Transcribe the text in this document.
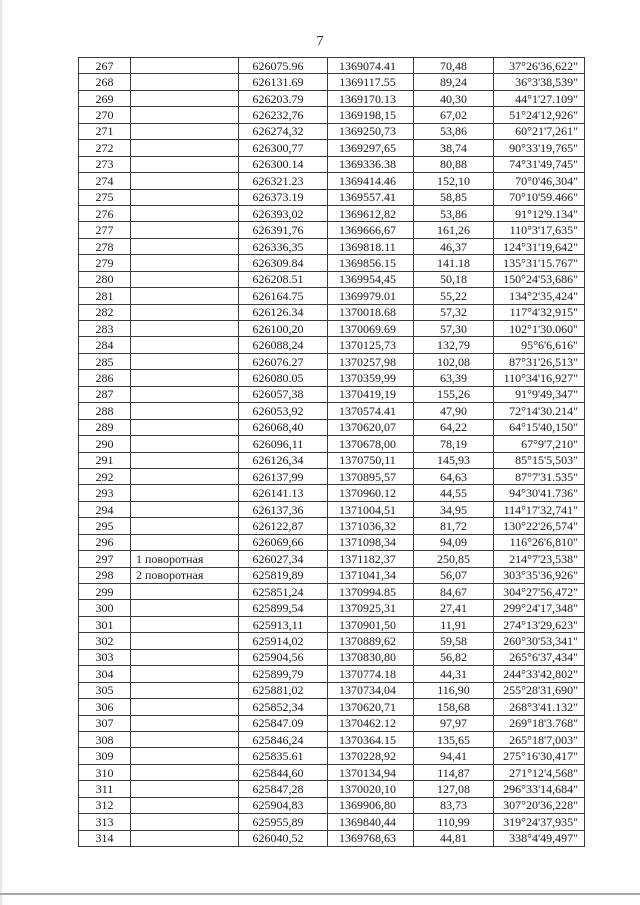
7
267		626075.96	1369074.41	70,48	37°26'36,622"
268		626131.69	1369117.55	89,24	36°3'38,539"
269		626203.79	1369170.13	40,30	44°1'27.109"
270		626232,76	1369198,15	67,02	51°24'12,926"
271		626274,32	1369250,73	53,86	60°21'7,261"
272		626300,77	1369297,65	38,74	90°33'19,765"
273		626300.14	1369336.38	80,88	74°31'49,745"
274		626321.23	1369414.46	152,10	70°0'46,304"
275		626373.19	1369557.41	58,85	70°10'59.466"
276		626393,02	1369612,82	53,86	91°12'9.134"
277		626391,76	1369666,67	161,26	110°3'17,635"
278		626336,35	1369818.11	46,37	124°31'19,642"
279		626309.84	1369856.15	141.18	135°31'15.767"
280		626208.51	1369954,45	50,18	150°24'53,686"
281		626164.75	1369979.01	55,22	134°2'35,424"
282		626126.34	1370018.68	57,32	117°4'32,915"
283		626100,20	1370069.69	57,30	102°1'30.060"
284		626088,24	1370125,73	132,79	95°6'6,616"
285		626076.27	1370257,98	102,08	87°31'26,513"
286		626080.05	1370359,99	63,39	110°34'16,927"
287		626057,38	1370419,19	155,26	91°9'49,347"
288		626053,92	1370574.41	47,90	72°14'30.214"
289		626068,40	1370620,07	64,22	64°15'40,150"
290		626096,11	1370678,00	78,19	67°9'7,210"
291		626126,34	1370750,11	145,93	85°15'5,503"
292		626137,99	1370895,57	64,63	87°7'31.535"
293		626141.13	1370960.12	44,55	94°30'41.736"
294		626137,36	1371004,51	34,95	114°17'32,741"
295		626122,87	1371036,32	81,72	130°22'26,574"
296		626069,66	1371098,34	94,09	116°26'6,810"
297	1 поворотная	626027,34	1371182,37	250,85	214°7'23,538"
298	2 поворотная	625819,89	1371041,34	56,07	303°35'36,926"
299		625851,24	1370994.85	84,67	304°27'56,472"
300		625899,54	1370925,31	27,41	299°24'17,348"
301		625913,11	1370901,50	11,91	274°13'29,623"
302		625914,02	1370889,62	59,58	260°30'53,341"
303		625904,56	1370830,80	56,82	265°6'37,434"
304		625899,79	1370774.18	44,31	244°33'42,802"
305		625881,02	1370734,04	116,90	255°28'31,690"
306		625852,34	1370620,71	158,68	268°3'41.132"
307		625847.09	1370462.12	97,97	269°18'3.768"
308		625846,24	1370364.15	135,65	265°18'7,003"
309		625835.61	1370228,92	94,41	275°16'30,417"
310		625844,60	1370134,94	114,87	271°12'4,568"
311		625847,28	1370020,10	127,08	296°33'14,684"
312		625904,83	1369906,80	83,73	307°20'36,228"
313		625955,89	1369840,44	110,99	319°24'37,935"
314		626040,52	1369768,63	44,81	338°4'49,497"
